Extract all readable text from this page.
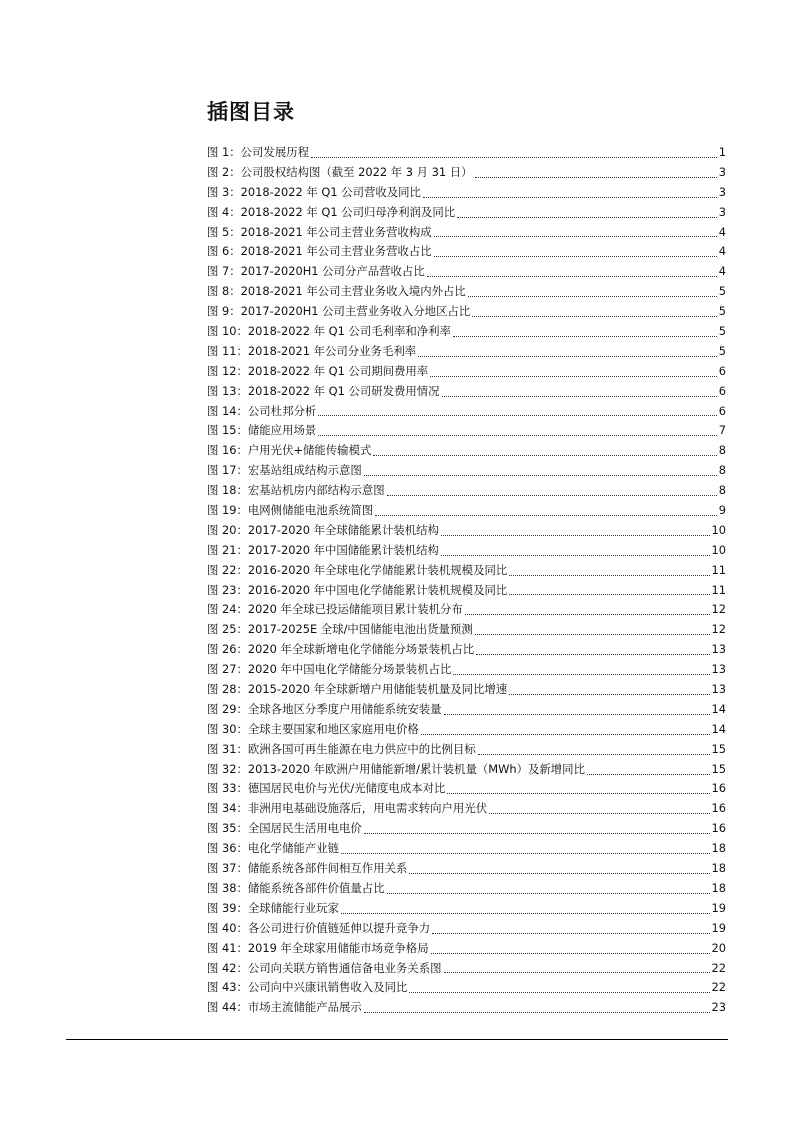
插图目录
图 1：公司发展历程	1
图 2：公司股权结构图（截至 2022 年 3 月 31 日）	3
图 3：2018-2022 年 Q1 公司营收及同比	3
图 4：2018-2022 年 Q1 公司归母净利润及同比	3
图 5：2018-2021 年公司主营业务营收构成	4
图 6：2018-2021 年公司主营业务营收占比	4
图 7：2017-2020H1 公司分产品营收占比	4
图 8：2018-2021 年公司主营业务收入境内外占比	5
图 9：2017-2020H1 公司主营业务收入分地区占比	5
图 10：2018-2022 年 Q1 公司毛利率和净利率	5
图 11：2018-2021 年公司分业务毛利率	5
图 12：2018-2022 年 Q1 公司期间费用率	6
图 13：2018-2022 年 Q1 公司研发费用情况	6
图 14：公司杜邦分析	6
图 15：储能应用场景	7
图 16：户用光伏+储能传输模式	8
图 17：宏基站组成结构示意图	8
图 18：宏基站机房内部结构示意图	8
图 19：电网侧储能电池系统简图	9
图 20：2017-2020 年全球储能累计装机结构	10
图 21：2017-2020 年中国储能累计装机结构	10
图 22：2016-2020 年全球电化学储能累计装机规模及同比	11
图 23：2016-2020 年中国电化学储能累计装机规模及同比	11
图 24：2020 年全球已投运储能项目累计装机分布	12
图 25：2017-2025E 全球/中国储能电池出货量预测	12
图 26：2020 年全球新增电化学储能分场景装机占比	13
图 27：2020 年中国电化学储能分场景装机占比	13
图 28：2015-2020 年全球新增户用储能装机量及同比增速	13
图 29：全球各地区分季度户用储能系统安装量	14
图 30：全球主要国家和地区家庭用电价格	14
图 31：欧洲各国可再生能源在电力供应中的比例目标	15
图 32：2013-2020 年欧洲户用储能新增/累计装机量（MWh）及新增同比	15
图 33：德国居民电价与光伏/光储度电成本对比	16
图 34：非洲用电基础设施落后，用电需求转向户用光伏	16
图 35：全国居民生活用电电价	16
图 36：电化学储能产业链	18
图 37：储能系统各部件间相互作用关系	18
图 38：储能系统各部件价值量占比	18
图 39：全球储能行业玩家	19
图 40：各公司进行价值链延伸以提升竞争力	19
图 41：2019 年全球家用储能市场竞争格局	20
图 42：公司向关联方销售通信备电业务关系图	22
图 43：公司向中兴康讯销售收入及同比	22
图 44：市场主流储能产品展示	23
